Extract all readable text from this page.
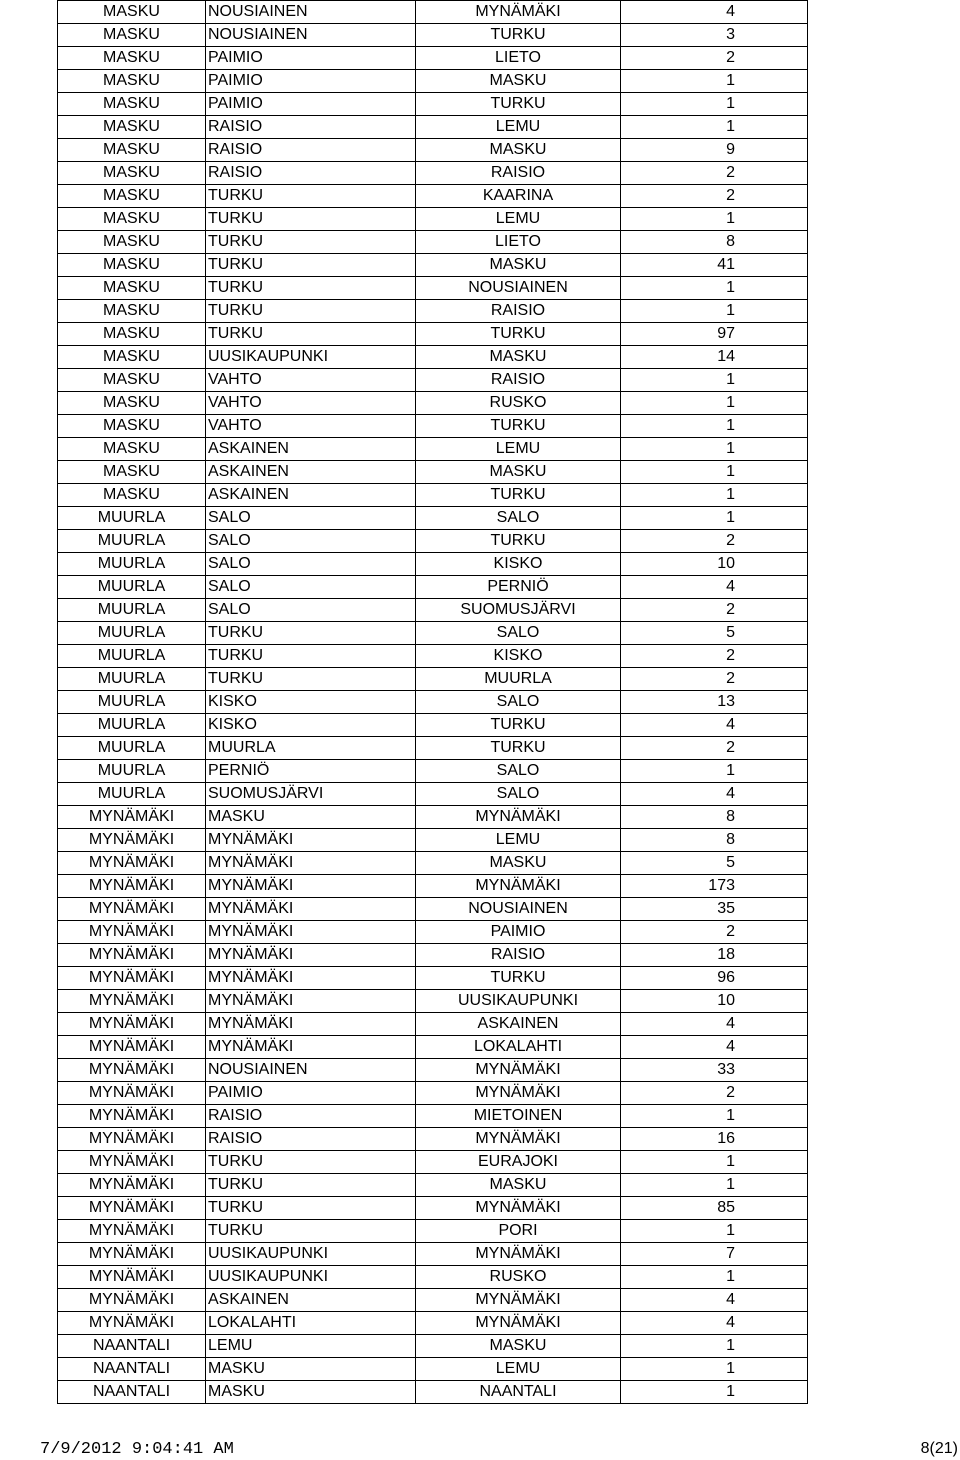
MASKU	NOUSIAINEN	MYNÄMÄKI	4
MASKU	NOUSIAINEN	TURKU	3
MASKU	PAIMIO	LIETO	2
MASKU	PAIMIO	MASKU	1
MASKU	PAIMIO	TURKU	1
MASKU	RAISIO	LEMU	1
MASKU	RAISIO	MASKU	9
MASKU	RAISIO	RAISIO	2
MASKU	TURKU	KAARINA	2
MASKU	TURKU	LEMU	1
MASKU	TURKU	LIETO	8
MASKU	TURKU	MASKU	41
MASKU	TURKU	NOUSIAINEN	1
MASKU	TURKU	RAISIO	1
MASKU	TURKU	TURKU	97
MASKU	UUSIKAUPUNKI	MASKU	14
MASKU	VAHTO	RAISIO	1
MASKU	VAHTO	RUSKO	1
MASKU	VAHTO	TURKU	1
MASKU	ASKAINEN	LEMU	1
MASKU	ASKAINEN	MASKU	1
MASKU	ASKAINEN	TURKU	1
MUURLA	SALO	SALO	1
MUURLA	SALO	TURKU	2
MUURLA	SALO	KISKO	10
MUURLA	SALO	PERNIÖ	4
MUURLA	SALO	SUOMUSJÄRVI	2
MUURLA	TURKU	SALO	5
MUURLA	TURKU	KISKO	2
MUURLA	TURKU	MUURLA	2
MUURLA	KISKO	SALO	13
MUURLA	KISKO	TURKU	4
MUURLA	MUURLA	TURKU	2
MUURLA	PERNIÖ	SALO	1
MUURLA	SUOMUSJÄRVI	SALO	4
MYNÄMÄKI	MASKU	MYNÄMÄKI	8
MYNÄMÄKI	MYNÄMÄKI	LEMU	8
MYNÄMÄKI	MYNÄMÄKI	MASKU	5
MYNÄMÄKI	MYNÄMÄKI	MYNÄMÄKI	173
MYNÄMÄKI	MYNÄMÄKI	NOUSIAINEN	35
MYNÄMÄKI	MYNÄMÄKI	PAIMIO	2
MYNÄMÄKI	MYNÄMÄKI	RAISIO	18
MYNÄMÄKI	MYNÄMÄKI	TURKU	96
MYNÄMÄKI	MYNÄMÄKI	UUSIKAUPUNKI	10
MYNÄMÄKI	MYNÄMÄKI	ASKAINEN	4
MYNÄMÄKI	MYNÄMÄKI	LOKALAHTI	4
MYNÄMÄKI	NOUSIAINEN	MYNÄMÄKI	33
MYNÄMÄKI	PAIMIO	MYNÄMÄKI	2
MYNÄMÄKI	RAISIO	MIETOINEN	1
MYNÄMÄKI	RAISIO	MYNÄMÄKI	16
MYNÄMÄKI	TURKU	EURAJOKI	1
MYNÄMÄKI	TURKU	MASKU	1
MYNÄMÄKI	TURKU	MYNÄMÄKI	85
MYNÄMÄKI	TURKU	PORI	1
MYNÄMÄKI	UUSIKAUPUNKI	MYNÄMÄKI	7
MYNÄMÄKI	UUSIKAUPUNKI	RUSKO	1
MYNÄMÄKI	ASKAINEN	MYNÄMÄKI	4
MYNÄMÄKI	LOKALAHTI	MYNÄMÄKI	4
NAANTALI	LEMU	MASKU	1
NAANTALI	MASKU	LEMU	1
NAANTALI	MASKU	NAANTALI	1
7/9/2012 9:04:41 AM	8(21)
